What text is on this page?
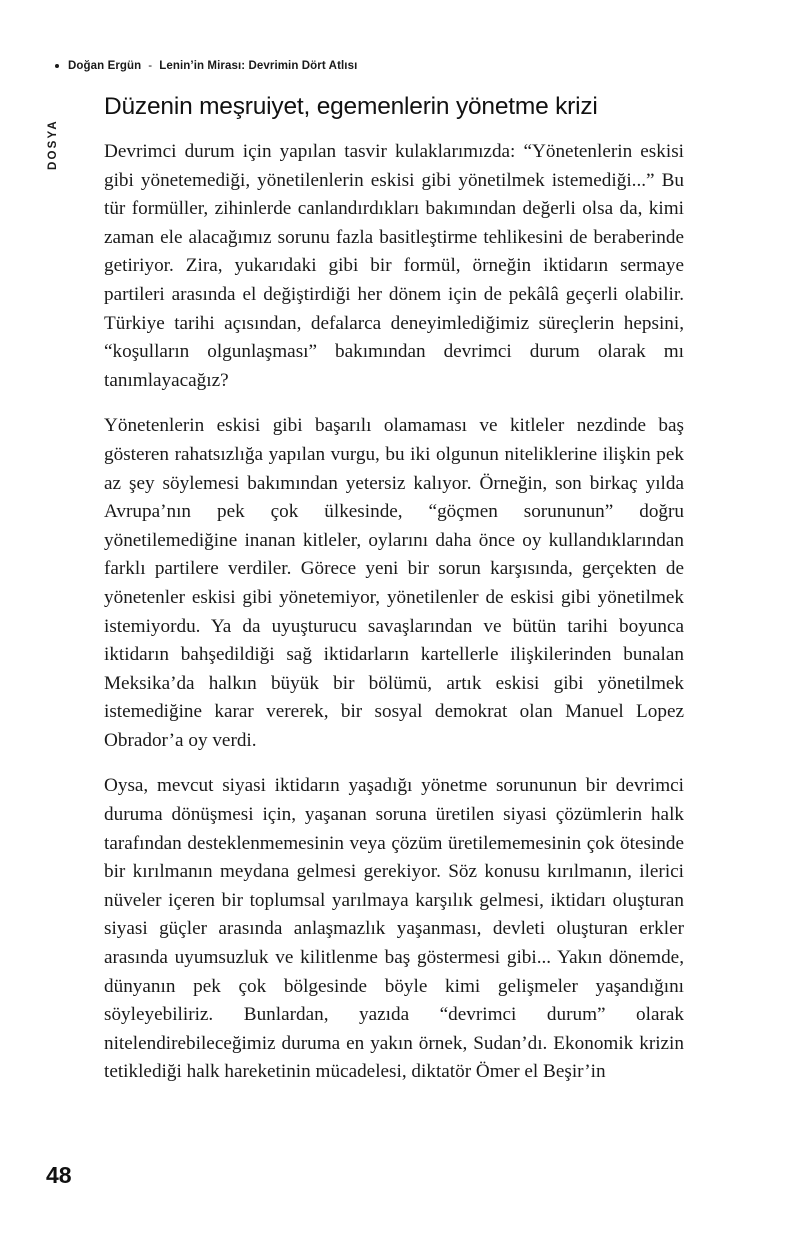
Doğan Ergün - Lenin’in Mirası: Devrimin Dört Atlısı
DOSYA
Düzenin meşruiyet, egemenlerin yönetme krizi

Devrimci durum için yapılan tasvir kulaklarımızda: “Yönetenlerin eskisi gibi yönetemediği, yönetilenlerin eskisi gibi yönetilmek istemediği...” Bu tür formüller, zihinlerde canlandırdıkları bakımından değerli olsa da, kimi zaman ele alacağımız sorunu fazla basitleştirme tehlikesini de beraberinde getiriyor. Zira, yukarıdaki gibi bir formül, örneğin iktidarın sermaye partileri arasında el değiştirdiği her dönem için de pekâlâ geçerli olabilir. Türkiye tarihi açısından, defalarca deneyimlediğimiz süreçlerin hepsini, “koşulların olgunlaşması” bakımından devrimci durum olarak mı tanımlayacağız?

Yönetenlerin eskisi gibi başarılı olamaması ve kitleler nezdinde baş gösteren rahatsızlığa yapılan vurgu, bu iki olgunun niteliklerine ilişkin pek az şey söylemesi bakımından yetersiz kalıyor. Örneğin, son birkaç yılda Avrupa’nın pek çok ülkesinde, “göçmen sorununun” doğru yönetilemediğine inanan kitleler, oylarını daha önce oy kullandıklarından farklı partilere verdiler. Görece yeni bir sorun karşısında, gerçekten de yönetenler eskisi gibi yönetemiyor, yönetilenler de eskisi gibi yönetilmek istemiyordu. Ya da uyuşturucu savaşlarından ve bütün tarihi boyunca iktidarın bahşedildiği sağ iktidarların kartellerle ilişkilerinden bunalan Meksika’da halkın büyük bir bölümü, artık eskisi gibi yönetilmek istemediğine karar vererek, bir sosyal demokrat olan Manuel Lopez Obrador’a oy verdi.

Oysa, mevcut siyasi iktidarın yaşadığı yönetme sorununun bir devrimci duruma dönüşmesi için, yaşanan soruna üretilen siyasi çözümlerin halk tarafından desteklenmemesinin veya çözüm üretilememesinin çok ötesinde bir kırılmanın meydana gelmesi gerekiyor. Söz konusu kırılmanın, ilerici nüveler içeren bir toplumsal yarılmaya karşılık gelmesi, iktidarı oluşturan siyasi güçler arasında anlaşmazlık yaşanması, devleti oluşturan erkler arasında uyumsuzluk ve kilitlenme baş göstermesi gibi... Yakın dönemde, dünyanın pek çok bölgesinde böyle kimi gelişmeler yaşandığını söyleyebiliriz. Bunlardan, yazıda “devrimci durum” olarak nitelendirebileceğimiz duruma en yakın örnek, Sudan’dı. Ekonomik krizin tetiklediği halk hareketinin mücadelesi, diktatör Ömer el Beşir’in

48
